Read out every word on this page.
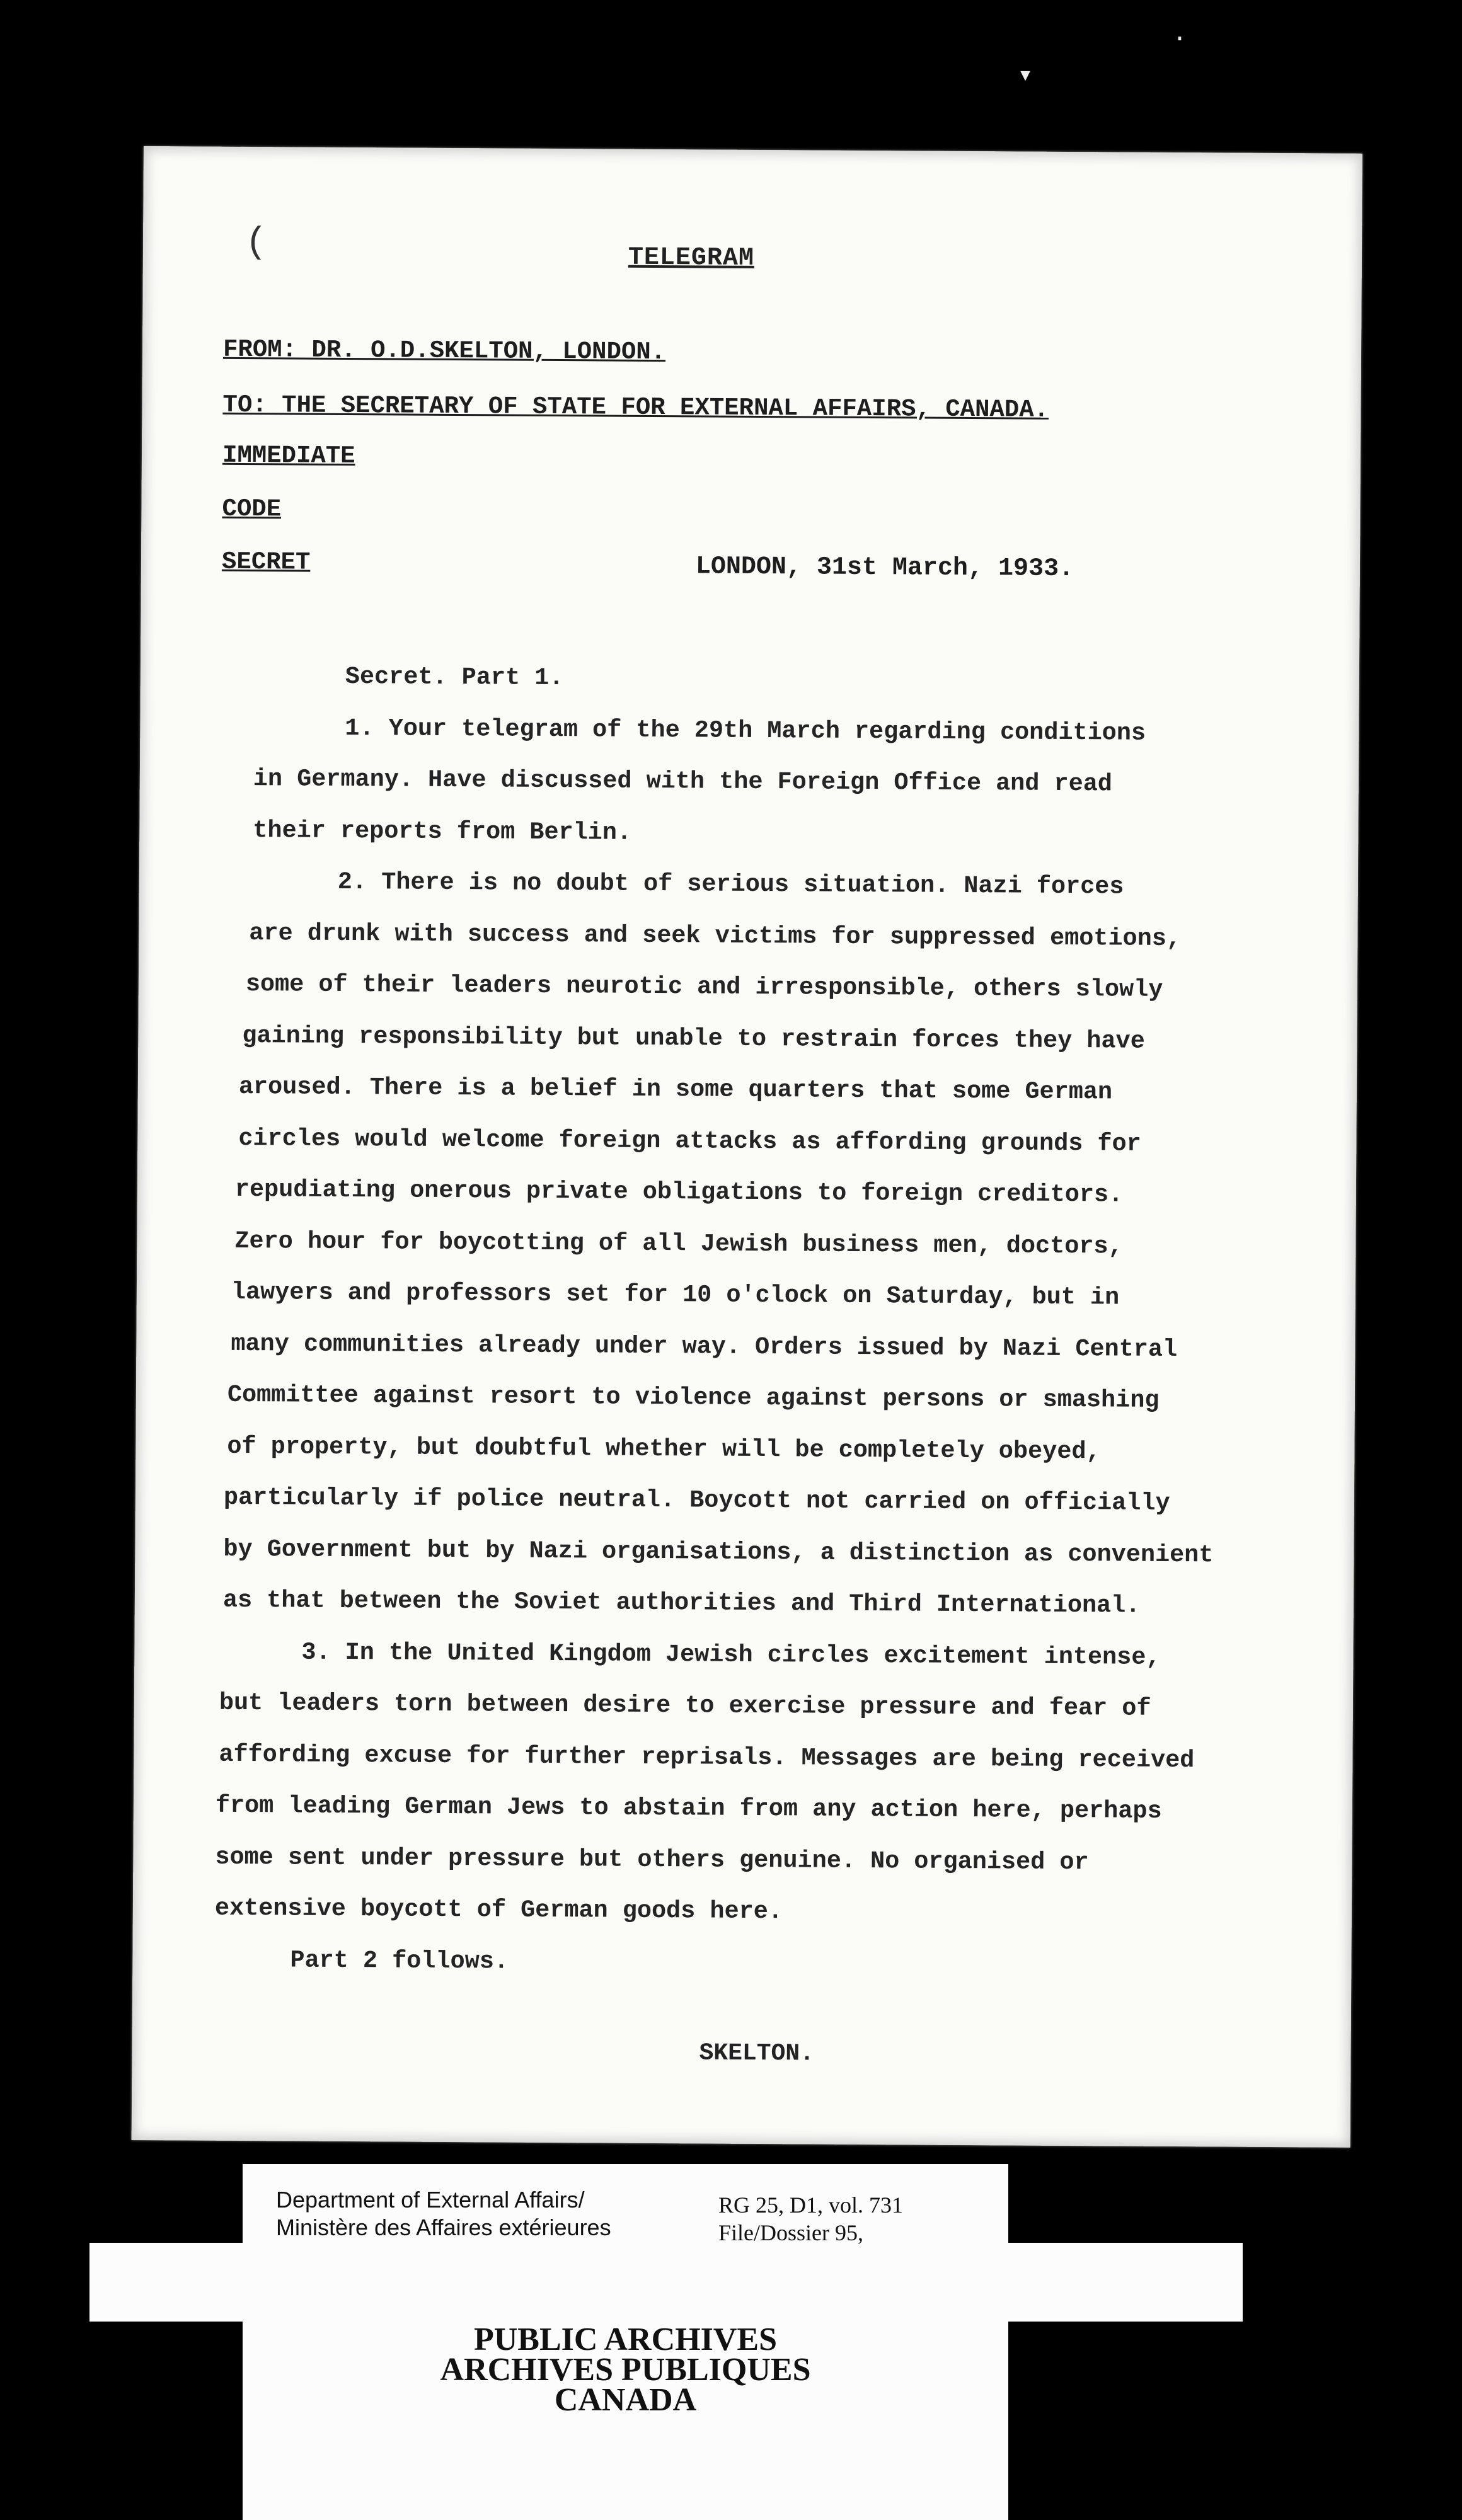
·
▾
(	TELEGRAM
FROM: DR. O.D.SKELTON, LONDON.
TO: THE SECRETARY OF STATE FOR EXTERNAL AFFAIRS, CANADA.
IMMEDIATE
CODE
SECRET	LONDON, 31st March, 1933.
Secret. Part 1.
1. Your telegram of the 29th March regarding conditions
in Germany. Have discussed with the Foreign Office and read
their reports from Berlin.
2. There is no doubt of serious situation. Nazi forces
are drunk with success and seek victims for suppressed emotions,
some of their leaders neurotic and irresponsible, others slowly
gaining responsibility but unable to restrain forces they have
aroused. There is a belief in some quarters that some German
circles would welcome foreign attacks as affording grounds for
repudiating onerous private obligations to foreign creditors.
Zero hour for boycotting of all Jewish business men, doctors,
lawyers and professors set for 10 o'clock on Saturday, but in
many communities already under way. Orders issued by Nazi Central
Committee against resort to violence against persons or smashing
of property, but doubtful whether will be completely obeyed,
particularly if police neutral. Boycott not carried on officially
by Government but by Nazi organisations, a distinction as convenient
as that between the Soviet authorities and Third International.
3. In the United Kingdom Jewish circles excitement intense,
but leaders torn between desire to exercise pressure and fear of
affording excuse for further reprisals. Messages are being received
from leading German Jews to abstain from any action here, perhaps
some sent under pressure but others genuine. No organised or
extensive boycott of German goods here.
Part 2 follows.
SKELTON.
Department of External Affairs/
Ministère des Affaires extérieures
RG 25, D1, vol. 731
File/Dossier 95,
PUBLIC ARCHIVES
ARCHIVES PUBLIQUES
CANADA
